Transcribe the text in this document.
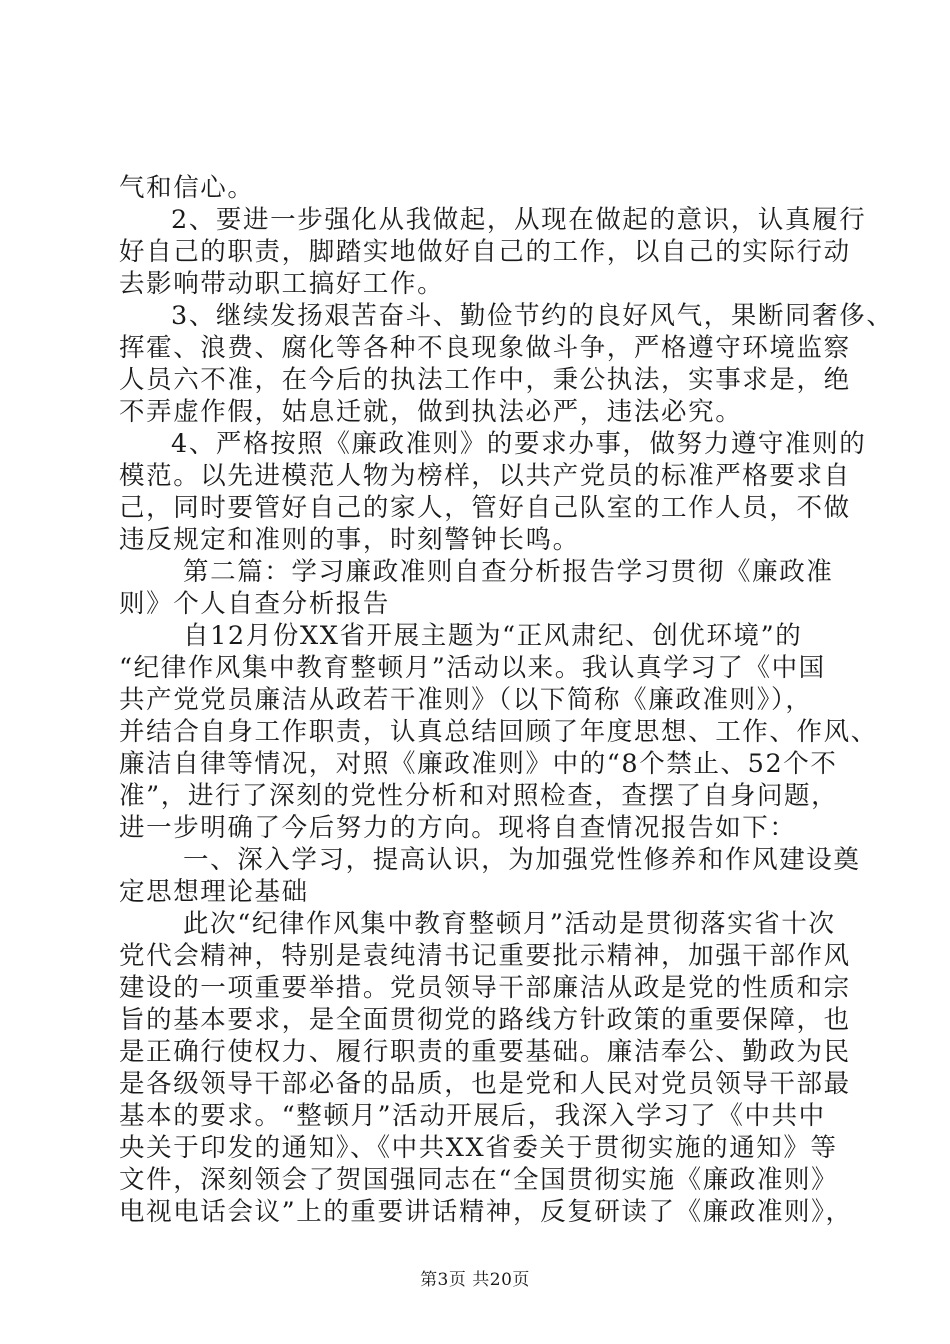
气和信心。
2、要进一步强化从我做起，从现在做起的意识，认真履行
好自己的职责，脚踏实地做好自己的工作，以自己的实际行动
去影响带动职工搞好工作。
3、继续发扬艰苦奋斗、勤俭节约的良好风气，果断同奢侈、
挥霍、浪费、腐化等各种不良现象做斗争，严格遵守环境监察
人员六不准，在今后的执法工作中，秉公执法，实事求是，绝
不弄虚作假，姑息迁就，做到执法必严，违法必究。
4、严格按照《廉政准则》的要求办事，做努力遵守准则的
模范。以先进模范人物为榜样，以共产党员的标准严格要求自
己，同时要管好自己的家人，管好自己队室的工作人员，不做
违反规定和准则的事，时刻警钟长鸣。
第二篇：学习廉政准则自查分析报告学习贯彻《廉政准
则》个人自查分析报告
自12月份XX省开展主题为“正风肃纪、创优环境”的
“纪律作风集中教育整顿月”活动以来。我认真学习了《中国
共产党党员廉洁从政若干准则》（以下简称《廉政准则》），
并结合自身工作职责，认真总结回顾了年度思想、工作、作风、
廉洁自律等情况，对照《廉政准则》中的“8个禁止、52个不
准”，进行了深刻的党性分析和对照检查，查摆了自身问题，
进一步明确了今后努力的方向。现将自查情况报告如下：
一、深入学习，提高认识，为加强党性修养和作风建设奠
定思想理论基础
此次“纪律作风集中教育整顿月”活动是贯彻落实省十次
党代会精神，特别是袁纯清书记重要批示精神，加强干部作风
建设的一项重要举措。党员领导干部廉洁从政是党的性质和宗
旨的基本要求，是全面贯彻党的路线方针政策的重要保障，也
是正确行使权力、履行职责的重要基础。廉洁奉公、勤政为民
是各级领导干部必备的品质，也是党和人民对党员领导干部最
基本的要求。“整顿月”活动开展后，我深入学习了《中共中
央关于印发的通知》、《中共XX省委关于贯彻实施的通知》等
文件，深刻领会了贺国强同志在“全国贯彻实施《廉政准则》
电视电话会议”上的重要讲话精神，反复研读了《廉政准则》，
第3页 共20页
